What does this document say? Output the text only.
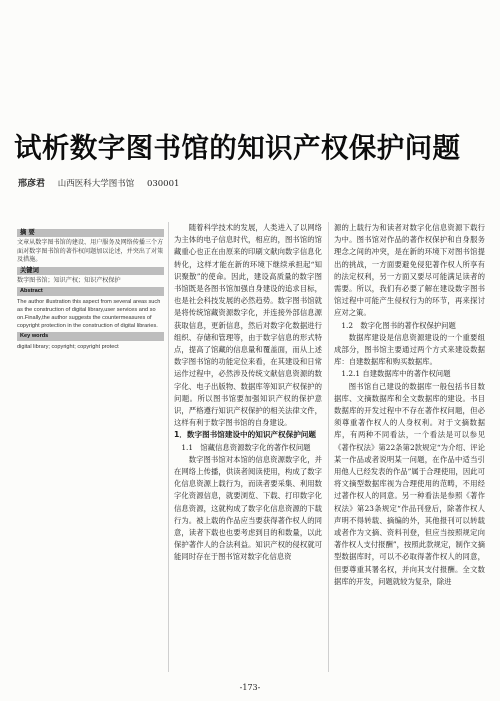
试析数字图书馆的知识产权保护问题
邢彦君 山西医科大学图书馆 030001
摘 要
文章从数字图书馆的建设、用户服务及网络传播三个方面对数字图书馆的著作权问题加以论述，并突出了对策及措施。
关键词
数字图书馆；知识产权；知识产权保护
Abstract
The author illustration this aspect from several areas such as the construction of digital library,user services and so on.Finally,the author suggests the countermeasures of copyright protection in the construction of digital libraries.
Key words
digital library; copyright; copyright protect

随着科学技术的发展，人类进入了以网络为主体的电子信息时代，相应的，图书馆的馆藏重心也正在由原来的印刷文献向数字信息化转化，这样才能在新的环境下继续承担起“知识聚散”的使命。因此，建设高质量的数字图书馆既是各图书馆加强自身建设的追求目标，也是社会科技发展的必然趋势。数字图书馆就是将传统馆藏资源数字化，并连接外部信息源获取信息，更新信息，然后对数字化数据进行组织、存储和管理等，由于数字信息的形式特点，提高了馆藏的信息量和覆盖面，而从上述数字图书馆的功能定位来看，在其建设和日常运作过程中，必然涉及传统文献信息资源的数字化、电子出版物、数据库等知识产权保护的问题。所以图书馆要加强知识产权的保护意识，严格遵行知识产权保护的相关法律文件，这样有利于数字图书馆的自身建设。

1．数字图书馆建设中的知识产权保护问题

1.1　馆藏信息资源数字化的著作权问题

数字图书馆对本馆的信息资源数字化，并在网络上传播，供读者阅读使用，构成了数字化信息资源上载行为，而读者要采集、利用数字化资源信息，就要浏览、下载、打印数字化信息资源，这就构成了数字化信息资源的下载行为。被上载的作品应当要获得著作权人的同意，读者下载也也要考虑到目的和数量，以此保护著作人的合法利益。知识产权的侵权就可能同时存在于图书馆对数字化信息资

源的上载行为和读者对数字化信息资源下载行为中。图书馆对作品的著作权保护和自身服务理念之间的冲突，是在新的环境下对图书馆提出的挑战，一方面要避免侵犯著作权人所享有的法定权利，另一方面又要尽可能满足读者的需要。所以，我们有必要了解在建设数字图书馆过程中可能产生侵权行为的环节，再来探讨应对之策。

1.2　数字化图书的著作权保护问题

数据库建设是信息资源建设的一个重要组成部分，图书馆主要通过两个方式来建设数据库：自建数据库和购买数据库。

1.2.1 自建数据库中的著作权问题

图书馆自己建设的数据库一般包括书目数据库、文摘数据库和全文数据库的建设。书目数据库的开发过程中不存在著作权问题，但必须尊重著作权人的人身权利。对于文摘数据库，有两种不同看法，一个看法是可以参见《著作权法》第22条第2款规定“为介绍、评论某一作品或者说明某一问题，在作品中适当引用他人已经发表的作品”属于合理使用，因此可将文摘型数据库视为合理使用的范畴，不用经过著作权人的同意。另一种看法是参照《著作权法》第23条规定“作品刊登后，除著作权人声明不得转载、摘编的外，其他报刊可以转载或者作为文摘、资料刊登，但应当按照规定向著作权人支付报酬”，按照此款规定，制作文摘型数据库时，可以不必取得著作权人的同意，但要尊重其署名权，并向其支付报酬。全文数据库的开发，问题就较为复杂，除进

-173-
